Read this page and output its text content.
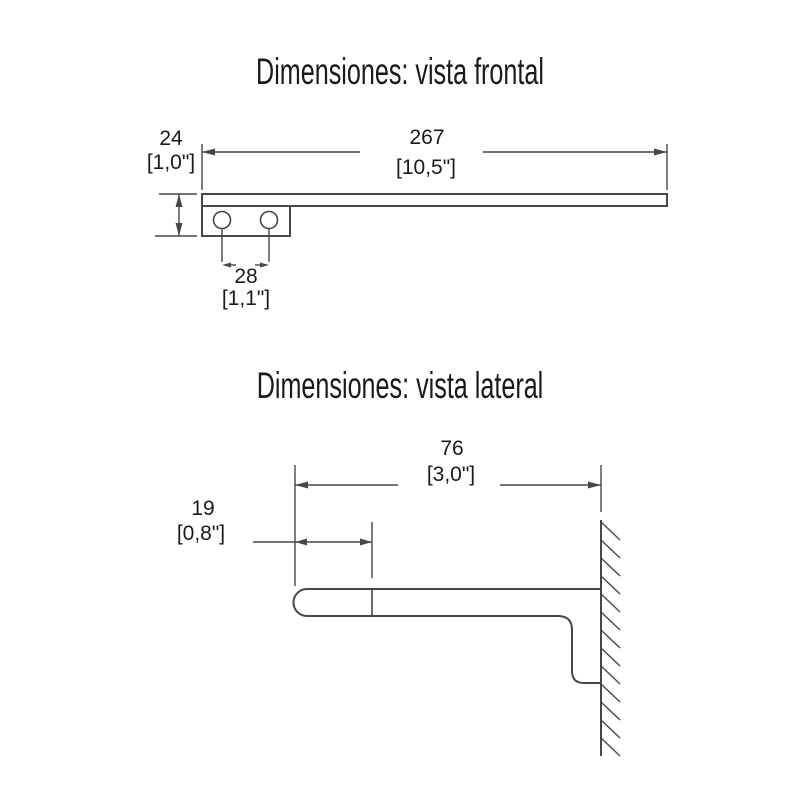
Dimensiones: vista frontal
267
[10,5"]
24
[1,0"]
28
[1,1"]
Dimensiones: vista lateral
76
[3,0"]
19
[0,8"]
